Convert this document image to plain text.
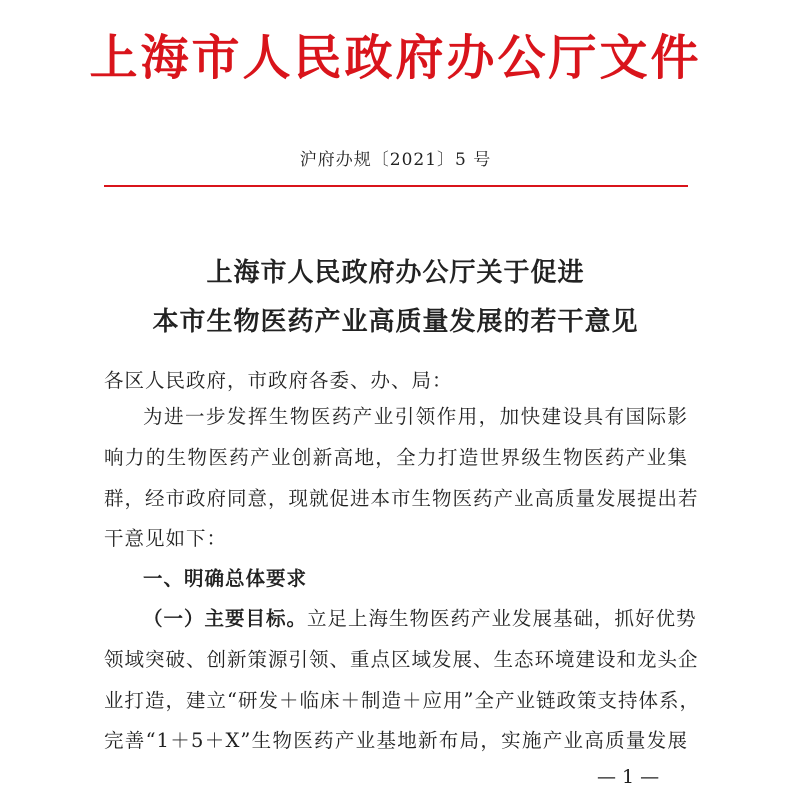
上海市人民政府办公厅文件
沪府办规〔2021〕5 号
上海市人民政府办公厅关于促进
本市生物医药产业高质量发展的若干意见
各区人民政府，市政府各委、办、局：
为进一步发挥生物医药产业引领作用，加快建设具有国际影
响力的生物医药产业创新高地，全力打造世界级生物医药产业集
群，经市政府同意，现就促进本市生物医药产业高质量发展提出若
干意见如下：
一、明确总体要求
（一）主要目标。立足上海生物医药产业发展基础，抓好优势
领域突破、创新策源引领、重点区域发展、生态环境建设和龙头企
业打造，建立“研发＋临床＋制造＋应用”全产业链政策支持体系，
完善“1＋5＋X”生物医药产业基地新布局，实施产业高质量发展
— 1 —
